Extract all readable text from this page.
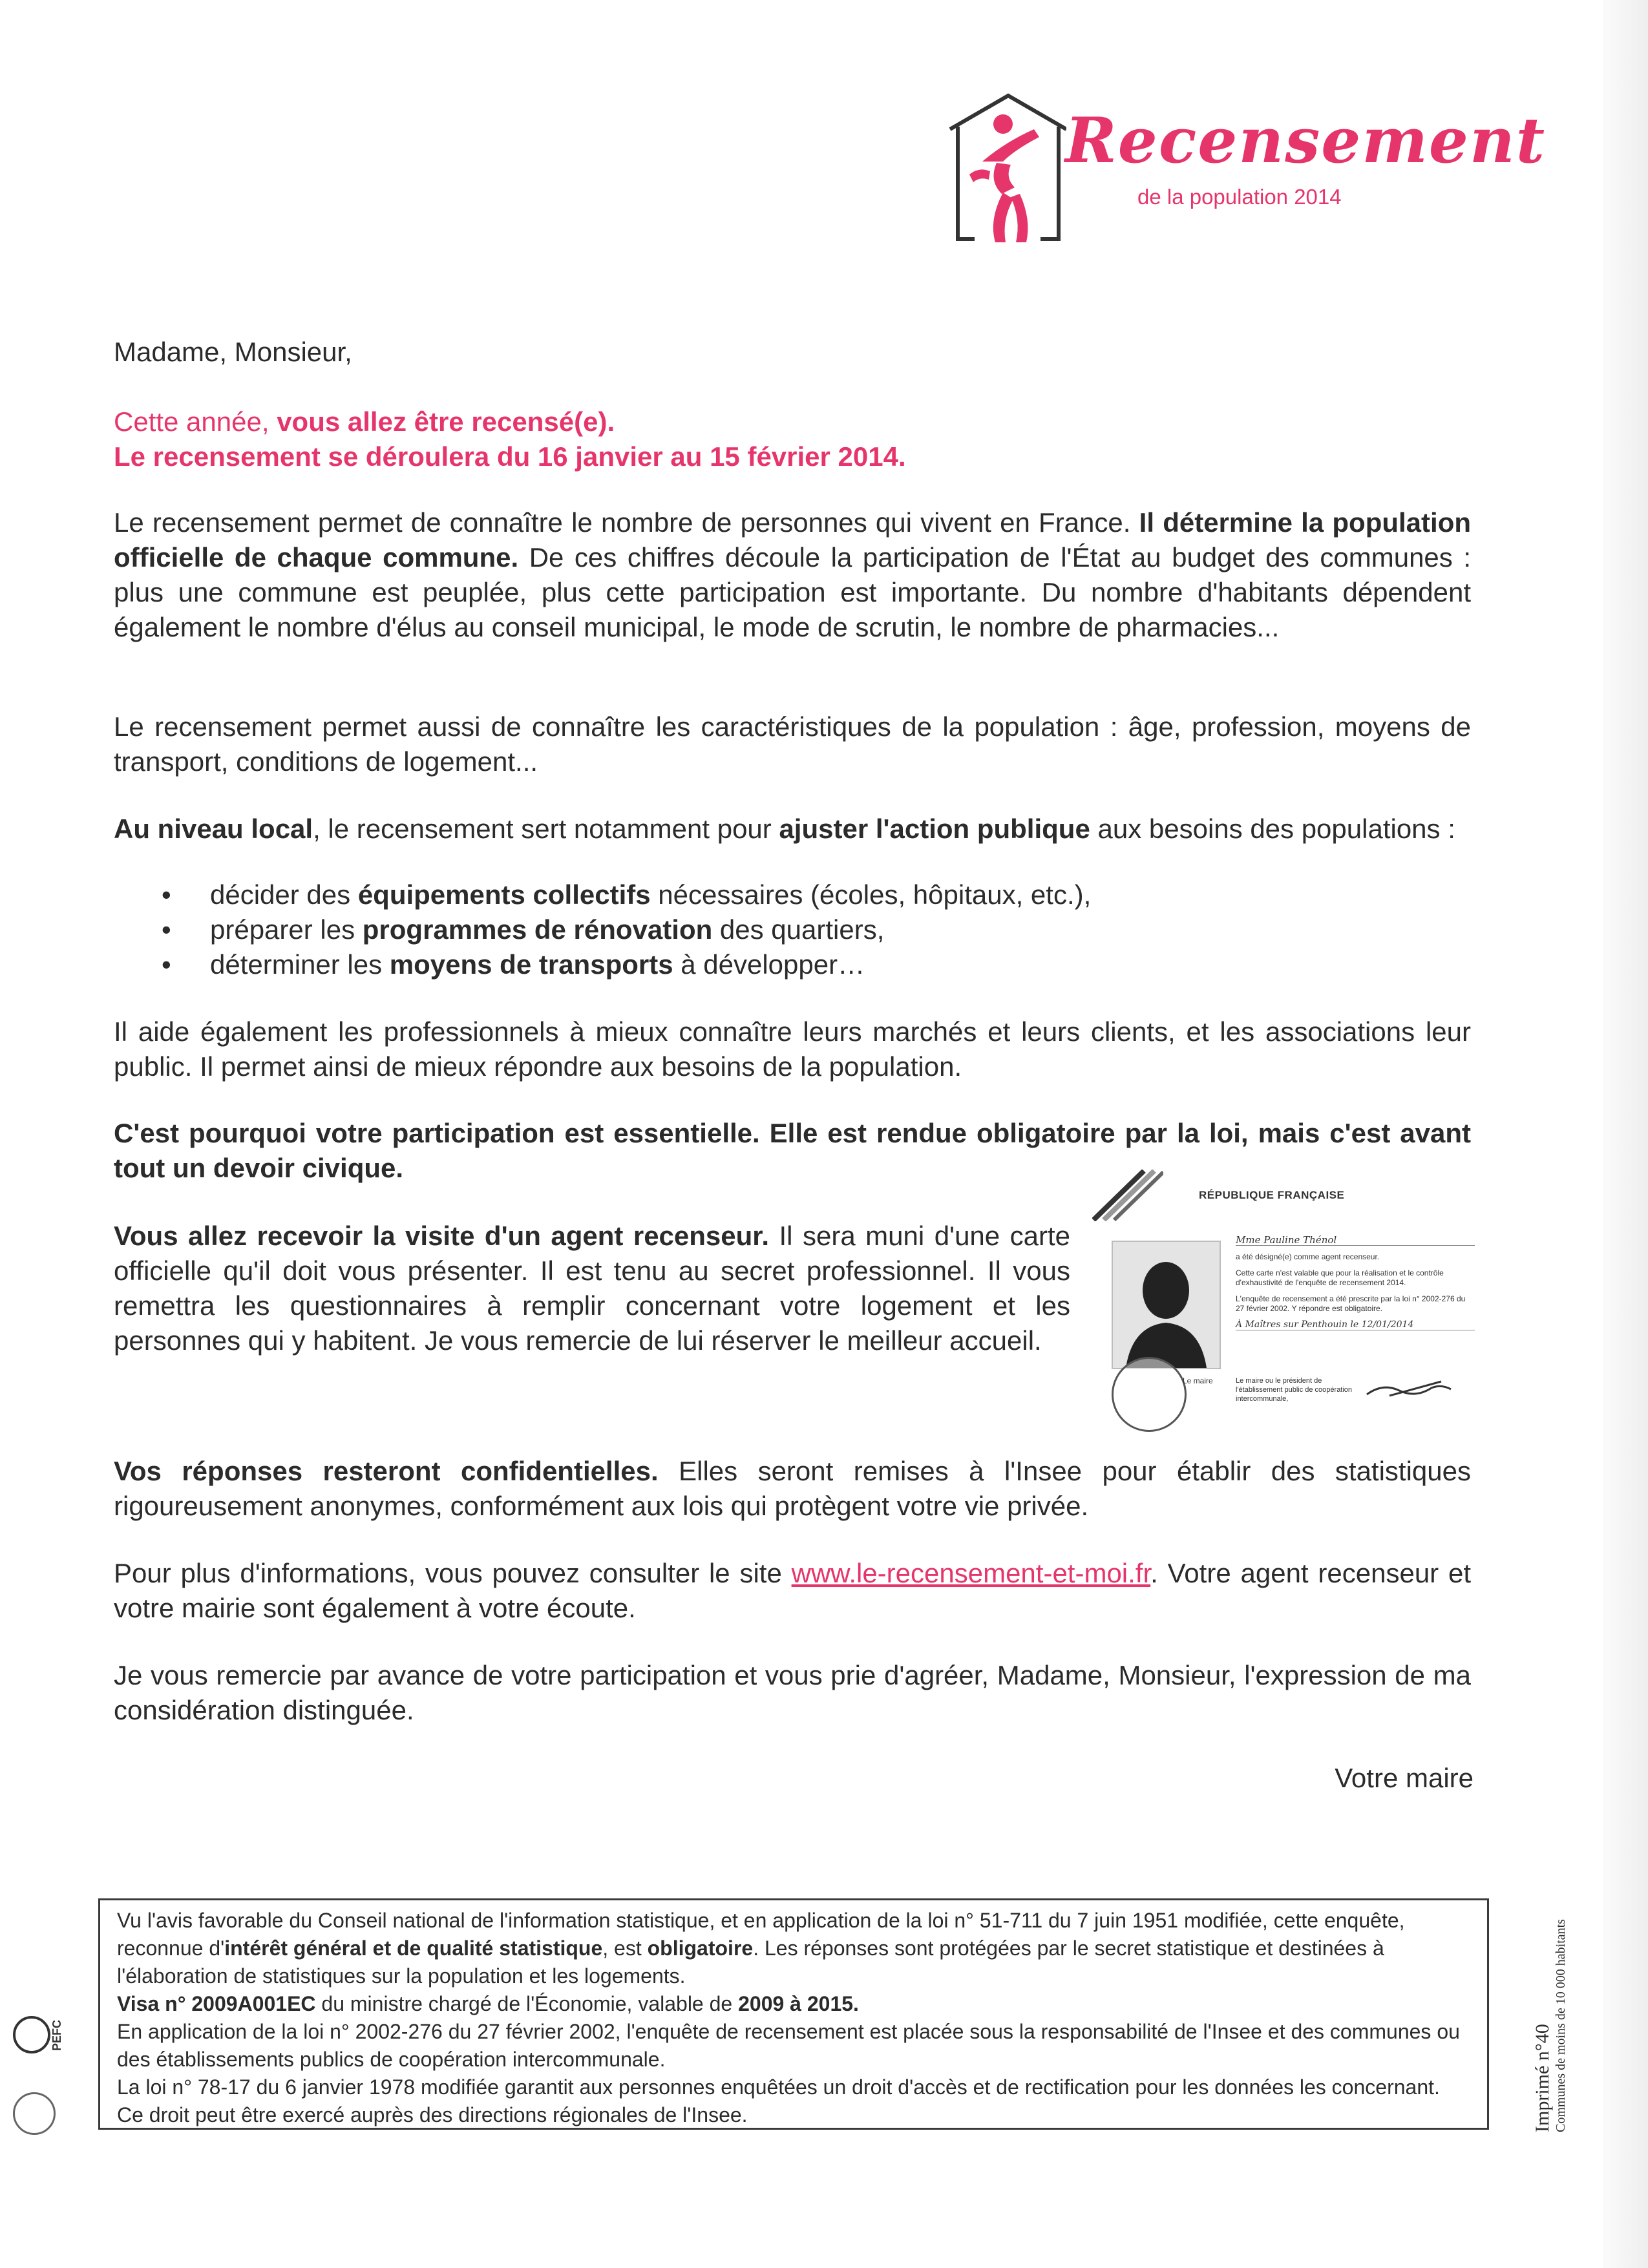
Recensement
de la population 2014

Madame, Monsieur,

Cette année, vous allez être recensé(e).

Le recensement se déroulera du 16 janvier au 15 février 2014.

Le recensement permet de connaître le nombre de personnes qui vivent en France. Il détermine la population officielle de chaque commune. De ces chiffres découle la participation de l'État au budget des communes : plus une commune est peuplée, plus cette participation est importante. Du nombre d'habitants dépendent également le nombre d'élus au conseil municipal, le mode de scrutin, le nombre de pharmacies...

Le recensement permet aussi de connaître les caractéristiques de la population : âge, profession, moyens de transport, conditions de logement...

Au niveau local, le recensement sert notamment pour ajuster l'action publique aux besoins des populations :

• décider des équipements collectifs nécessaires (écoles, hôpitaux, etc.),
• préparer les programmes de rénovation des quartiers,
• déterminer les moyens de transports à développer…

Il aide également les professionnels à mieux connaître leurs marchés et leurs clients, et les associations leur public. Il permet ainsi de mieux répondre aux besoins de la population.

C'est pourquoi votre participation est essentielle. Elle est rendue obligatoire par la loi, mais c'est avant tout un devoir civique.

Vous allez recevoir la visite d'un agent recenseur. Il sera muni d'une carte officielle qu'il doit vous présenter. Il est tenu au secret professionnel. Il vous remettra les questionnaires à remplir concernant votre logement et les personnes qui y habitent. Je vous remercie de lui réserver le meilleur accueil.

RÉPUBLIQUE FRANÇAISE
Mme Pauline Thénol
a été désigné(e) comme agent recenseur.
Cette carte n'est valable que pour la réalisation et le contrôle d'exhaustivité de l'enquête de recensement 2014.
L'enquête de recensement a été prescrite par la loi n° 2002-276 du 27 février 2002. Y répondre est obligatoire.
À Maîtres sur Penthouin le 12/01/2014
Le maire	Le maire ou le président de l'établissement public de coopération intercommunale,

Vos réponses resteront confidentielles. Elles seront remises à l'Insee pour établir des statistiques rigoureusement anonymes, conformément aux lois qui protègent votre vie privée.

Pour plus d'informations, vous pouvez consulter le site www.le-recensement-et-moi.fr. Votre agent recenseur et votre mairie sont également à votre écoute.

Je vous remercie par avance de votre participation et vous prie d'agréer, Madame, Monsieur, l'expression de ma considération distinguée.

Votre maire

Vu l'avis favorable du Conseil national de l'information statistique, et en application de la loi n° 51-711 du 7 juin 1951 modifiée, cette enquête, reconnue d'intérêt général et de qualité statistique, est obligatoire. Les réponses sont protégées par le secret statistique et destinées à l'élaboration de statistiques sur la population et les logements.

Visa n° 2009A001EC du ministre chargé de l'Économie, valable de 2009 à 2015.

En application de la loi n° 2002-276 du 27 février 2002, l'enquête de recensement est placée sous la responsabilité de l'Insee et des communes ou des établissements publics de coopération intercommunale.

La loi n° 78-17 du 6 janvier 1978 modifiée garantit aux personnes enquêtées un droit d'accès et de rectification pour les données les concernant. Ce droit peut être exercé auprès des directions régionales de l'Insee.	Imprimé n°40 Communes de moins de 10 000 habitants
PEFC
